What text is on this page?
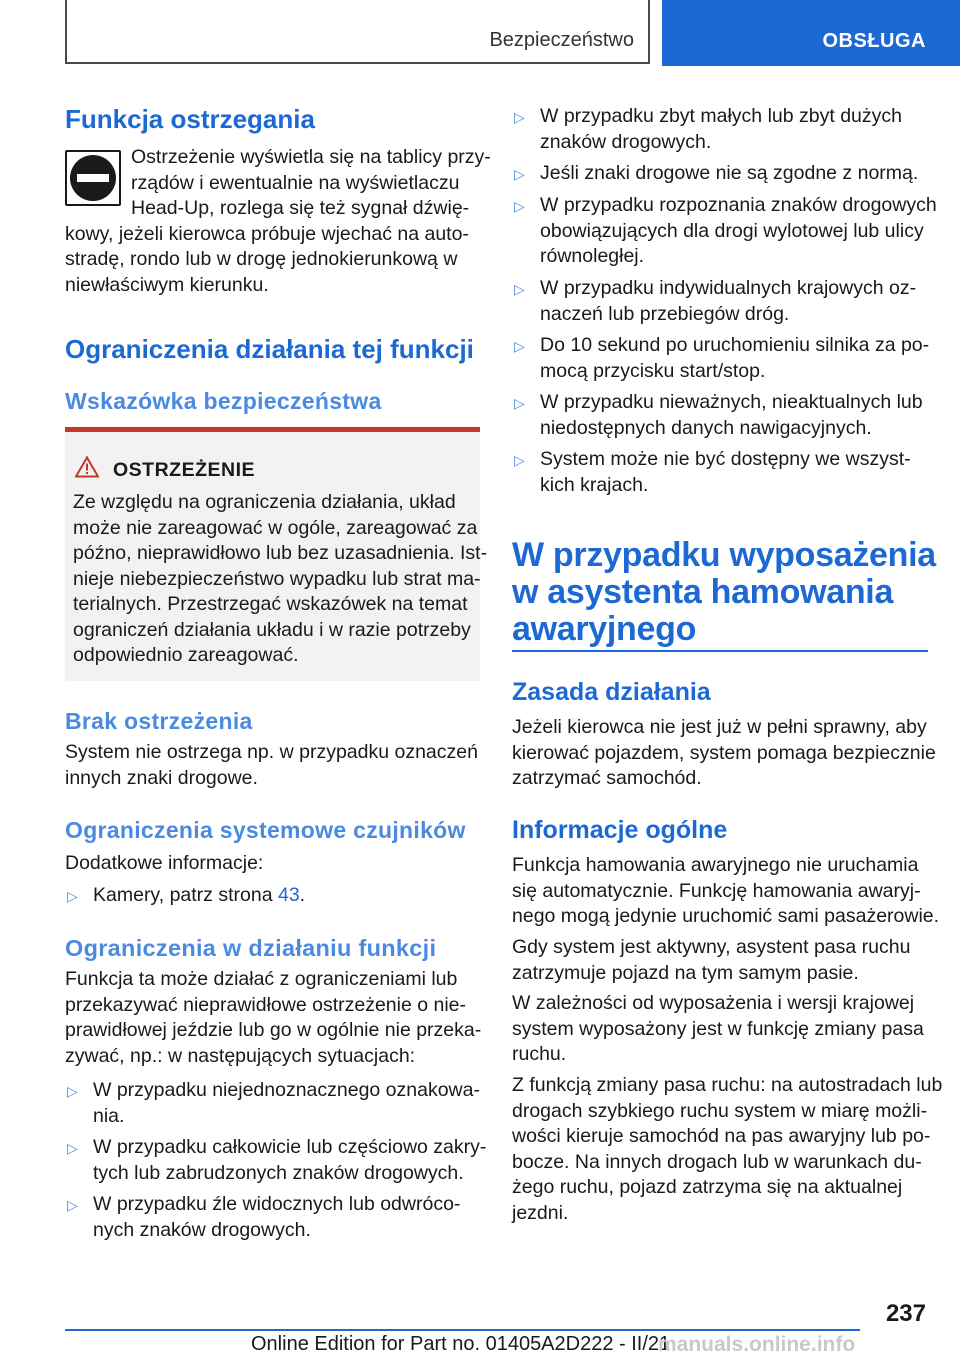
Bezpieczeństwo	OBSŁUGA
Funkcja ostrzegania
Ostrzeżenie wyświetla się na tablicy przy-
rządów i ewentualnie na wyświetlaczu
Head-Up, rozlega się też sygnał dźwię-
kowy, jeżeli kierowca próbuje wjechać na auto-
stradę, rondo lub w drogę jednokierunkową w
niewłaściwym kierunku.
Ograniczenia działania tej funkcji
Wskazówka bezpieczeństwa
OSTRZEŻENIE
Ze względu na ograniczenia działania, układ
może nie zareagować w ogóle, zareagować za
późno, nieprawidłowo lub bez uzasadnienia. Ist-
nieje niebezpieczeństwo wypadku lub strat ma-
terialnych. Przestrzegać wskazówek na temat
ograniczeń działania układu i w razie potrzeby
odpowiednio zareagować.
Brak ostrzeżenia
System nie ostrzega np. w przypadku oznaczeń
innych znaki drogowe.
Ograniczenia systemowe czujników
Dodatkowe informacje:
▷ Kamery, patrz strona 43.
Ograniczenia w działaniu funkcji
Funkcja ta może działać z ograniczeniami lub
przekazywać nieprawidłowe ostrzeżenie o nie-
prawidłowej jeździe lub go w ogólnie nie przeka-
zywać, np.: w następujących sytuacjach:
▷ W przypadku niejednoznacznego oznakowa-
nia.
▷ W przypadku całkowicie lub częściowo zakry-
tych lub zabrudzonych znaków drogowych.
▷ W przypadku źle widocznych lub odwróco-
nych znaków drogowych.
▷ W przypadku zbyt małych lub zbyt dużych
znaków drogowych.
▷ Jeśli znaki drogowe nie są zgodne z normą.
▷ W przypadku rozpoznania znaków drogowych
obowiązujących dla drogi wylotowej lub ulicy
równoległej.
▷ W przypadku indywidualnych krajowych oz-
naczeń lub przebiegów dróg.
▷ Do 10 sekund po uruchomieniu silnika za po-
mocą przycisku start/stop.
▷ W przypadku nieważnych, nieaktualnych lub
niedostępnych danych nawigacyjnych.
▷ System może nie być dostępny we wszyst-
kich krajach.
W przypadku wyposażenia
w asystenta hamowania
awaryjnego
Zasada działania
Jeżeli kierowca nie jest już w pełni sprawny, aby
kierować pojazdem, system pomaga bezpiecznie
zatrzymać samochód.
Informacje ogólne
Funkcja hamowania awaryjnego nie uruchamia
się automatycznie. Funkcję hamowania awaryj-
nego mogą jedynie uruchomić sami pasażerowie.
Gdy system jest aktywny, asystent pasa ruchu
zatrzymuje pojazd na tym samym pasie.
W zależności od wyposażenia i wersji krajowej
system wyposażony jest w funkcję zmiany pasa
ruchu.
Z funkcją zmiany pasa ruchu: na autostradach lub
drogach szybkiego ruchu system w miarę możli-
wości kieruje samochód na pas awaryjny lub po-
bocze. Na innych drogach lub w warunkach du-
żego ruchu, pojazd zatrzyma się na aktualnej
jezdni.
237
Online Edition for Part no. 01405A2D222 - II/21
manuals.online.info
